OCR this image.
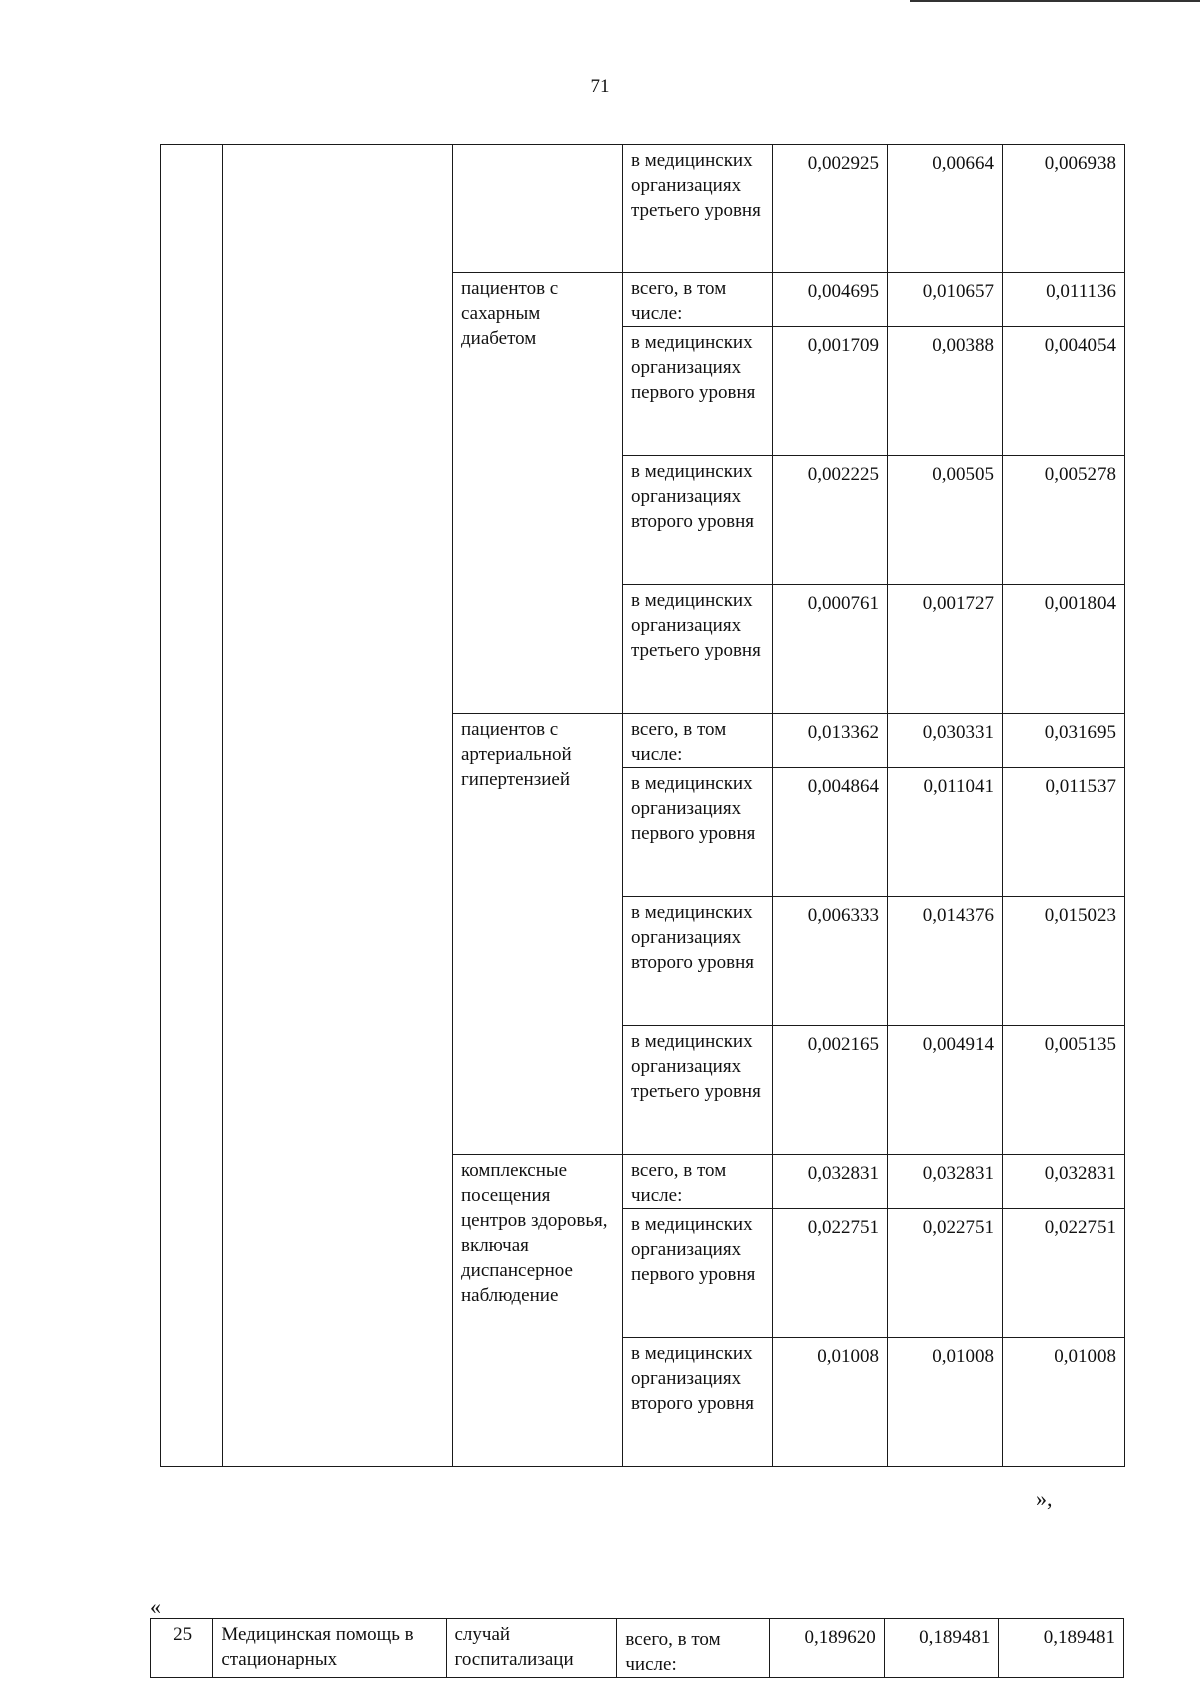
71
			в медицинских организациях третьего уровня	0,002925	0,00664	0,006938
		пациентов с сахарным диабетом	всего, в том числе:	0,004695	0,010657	0,011136
			в медицинских организациях первого уровня	0,001709	0,00388	0,004054
			в медицинских организациях второго уровня	0,002225	0,00505	0,005278
			в медицинских организациях третьего уровня	0,000761	0,001727	0,001804
		пациентов с артериальной гипертензией	всего, в том числе:	0,013362	0,030331	0,031695
			в медицинских организациях первого уровня	0,004864	0,011041	0,011537
			в медицинских организациях второго уровня	0,006333	0,014376	0,015023
			в медицинских организациях третьего уровня	0,002165	0,004914	0,005135
		комплексные посещения центров здоровья, включая диспансерное наблюдение	всего, в том числе:	0,032831	0,032831	0,032831
			в медицинских организациях первого уровня	0,022751	0,022751	0,022751
			в медицинских организациях второго уровня	0,01008	0,01008	0,01008
»,
«
25	Медицинская помощь в стационарных	случай госпитализаци	всего, в том числе:	0,189620	0,189481	0,189481
